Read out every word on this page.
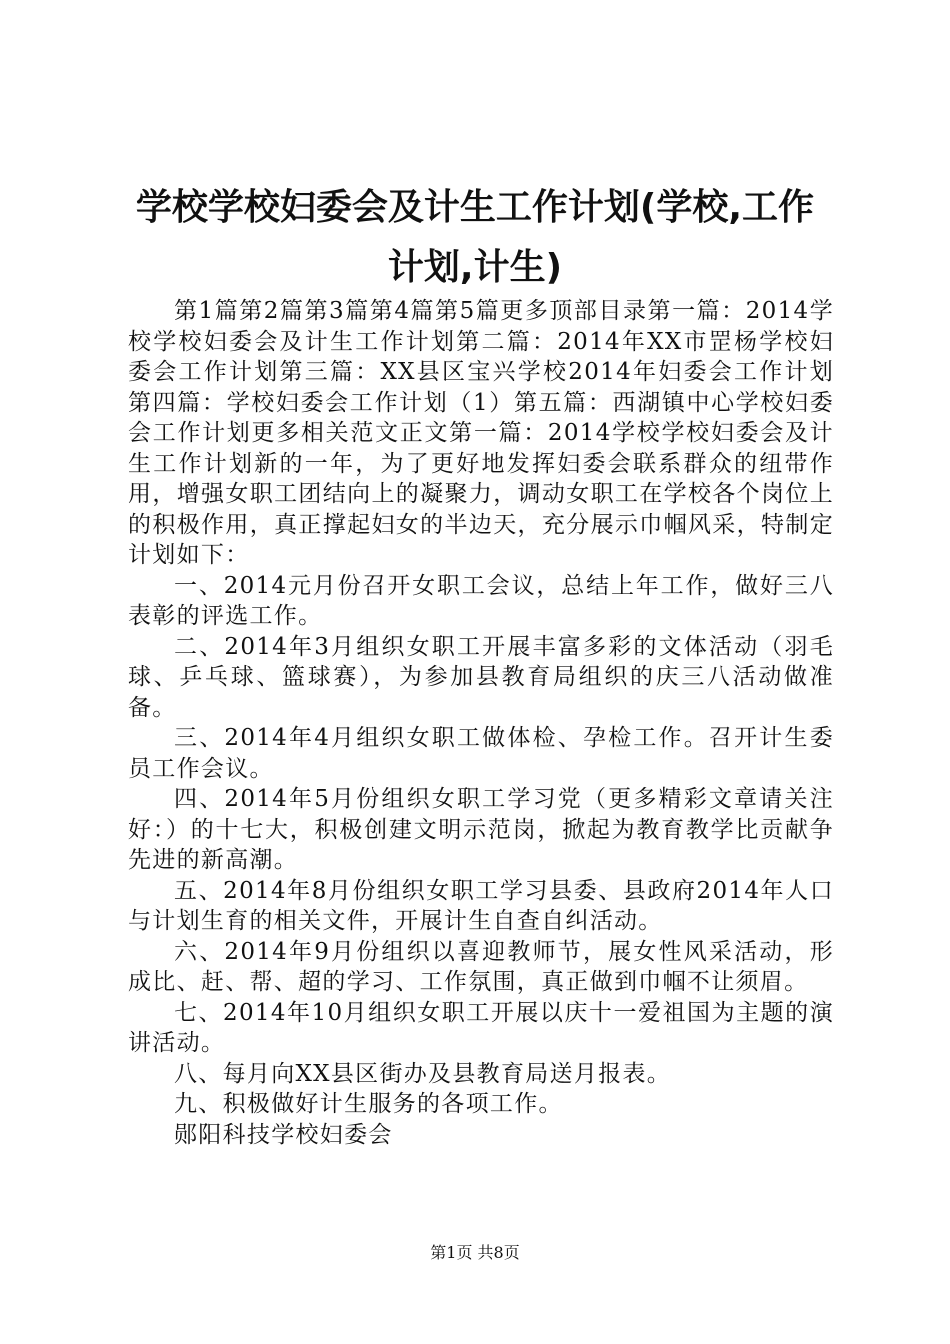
学校学校妇委会及计生工作计划(学校,工作计划,计生)

第1篇第2篇第3篇第4篇第5篇更多顶部目录第一篇：2014学校学校妇委会及计生工作计划第二篇：2014年XX市罡杨学校妇委会工作计划第三篇：XX县区宝兴学校2014年妇委会工作计划第四篇：学校妇委会工作计划（1）第五篇：西湖镇中心学校妇委会工作计划更多相关范文正文第一篇：2014学校学校妇委会及计生工作计划新的一年，为了更好地发挥妇委会联系群众的纽带作用，增强女职工团结向上的凝聚力，调动女职工在学校各个岗位上的积极作用，真正撑起妇女的半边天，充分展示巾帼风采，特制定计划如下：

一、2014元月份召开女职工会议，总结上年工作，做好三八表彰的评选工作。

二、2014年3月组织女职工开展丰富多彩的文体活动（羽毛球、乒乓球、篮球赛），为参加县教育局组织的庆三八活动做准备。

三、2014年4月组织女职工做体检、孕检工作。召开计生委员工作会议。

四、2014年5月份组织女职工学习党（更多精彩文章请关注好：）的十七大，积极创建文明示范岗，掀起为教育教学比贡献争先进的新高潮。

五、2014年8月份组织女职工学习县委、县政府2014年人口与计划生育的相关文件，开展计生自查自纠活动。

六、2014年9月份组织以喜迎教师节，展女性风采活动，形成比、赶、帮、超的学习、工作氛围，真正做到巾帼不让须眉。

七、2014年10月组织女职工开展以庆十一爱祖国为主题的演讲活动。

八、每月向XX县区街办及县教育局送月报表。

九、积极做好计生服务的各项工作。

郧阳科技学校妇委会

第1页 共8页
